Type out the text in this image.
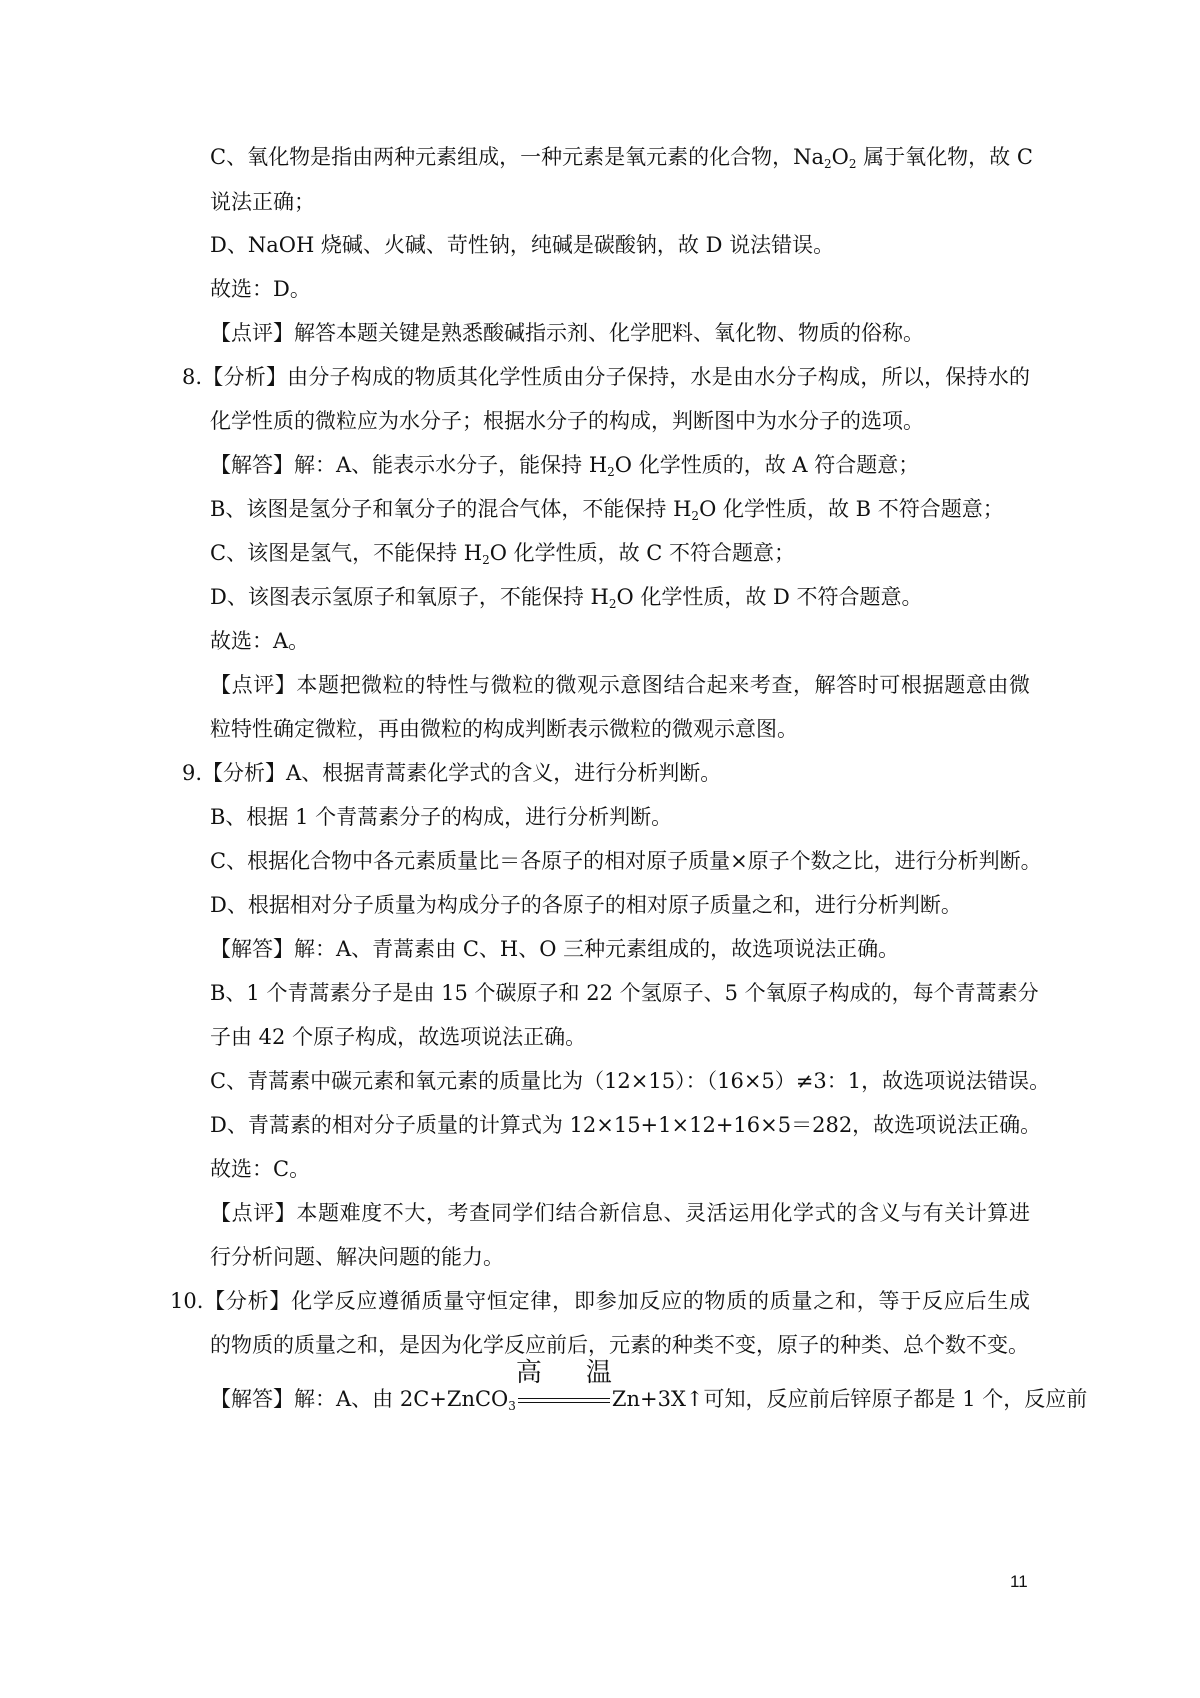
C、氧化物是指由两种元素组成，一种元素是氧元素的化合物，$Na_2O_2$ 属于氧化物，故 C
说法正确；
D、NaOH 烧碱、火碱、苛性钠，纯碱是碳酸钠，故 D 说法错误。
故选：D。
【点评】解答本题关键是熟悉酸碱指示剂、化学肥料、氧化物、物质的俗称。
8.【分析】由分子构成的物质其化学性质由分子保持，水是由水分子构成，所以，保持水的
化学性质的微粒应为水分子；根据水分子的构成，判断图中为水分子的选项。
【解答】解：A、能表示水分子，能保持 $H_2O$ 化学性质的，故 A 符合题意；
B、该图是氢分子和氧分子的混合气体，不能保持 $H_2O$ 化学性质，故 B 不符合题意；
C、该图是氢气，不能保持 $H_2O$ 化学性质，故 C 不符合题意；
D、该图表示氢原子和氧原子，不能保持 $H_2O$ 化学性质，故 D 不符合题意。
故选：A。
【点评】本题把微粒的特性与微粒的微观示意图结合起来考查，解答时可根据题意由微
粒特性确定微粒，再由微粒的构成判断表示微粒的微观示意图。
9.【分析】A、根据青蒿素化学式的含义，进行分析判断。
B、根据 1 个青蒿素分子的构成，进行分析判断。
C、根据化合物中各元素质量比＝各原子的相对原子质量×原子个数之比，进行分析判断。
D、根据相对分子质量为构成分子的各原子的相对原子质量之和，进行分析判断。
【解答】解：A、青蒿素由 C、H、O 三种元素组成的，故选项说法正确。
B、1 个青蒿素分子是由 15 个碳原子和 22 个氢原子、5 个氧原子构成的，每个青蒿素分
子由 42 个原子构成，故选项说法正确。
C、青蒿素中碳元素和氧元素的质量比为（12×15）：（16×5）≠3：1，故选项说法错误。
D、青蒿素的相对分子质量的计算式为 12×15+1×12+16×5＝282，故选项说法正确。
故选：C。
【点评】本题难度不大，考查同学们结合新信息、灵活运用化学式的含义与有关计算进
行分析问题、解决问题的能力。
10.【分析】化学反应遵循质量守恒定律，即参加反应的物质的质量之和，等于反应后生成
的物质的质量之和，是因为化学反应前后，元素的种类不变，原子的种类、总个数不变。
【解答】解：A、由 2C+ZnCO$_3$
高温
Zn+3X↑可知，反应前后锌原子都是 1 个，反应前
11
